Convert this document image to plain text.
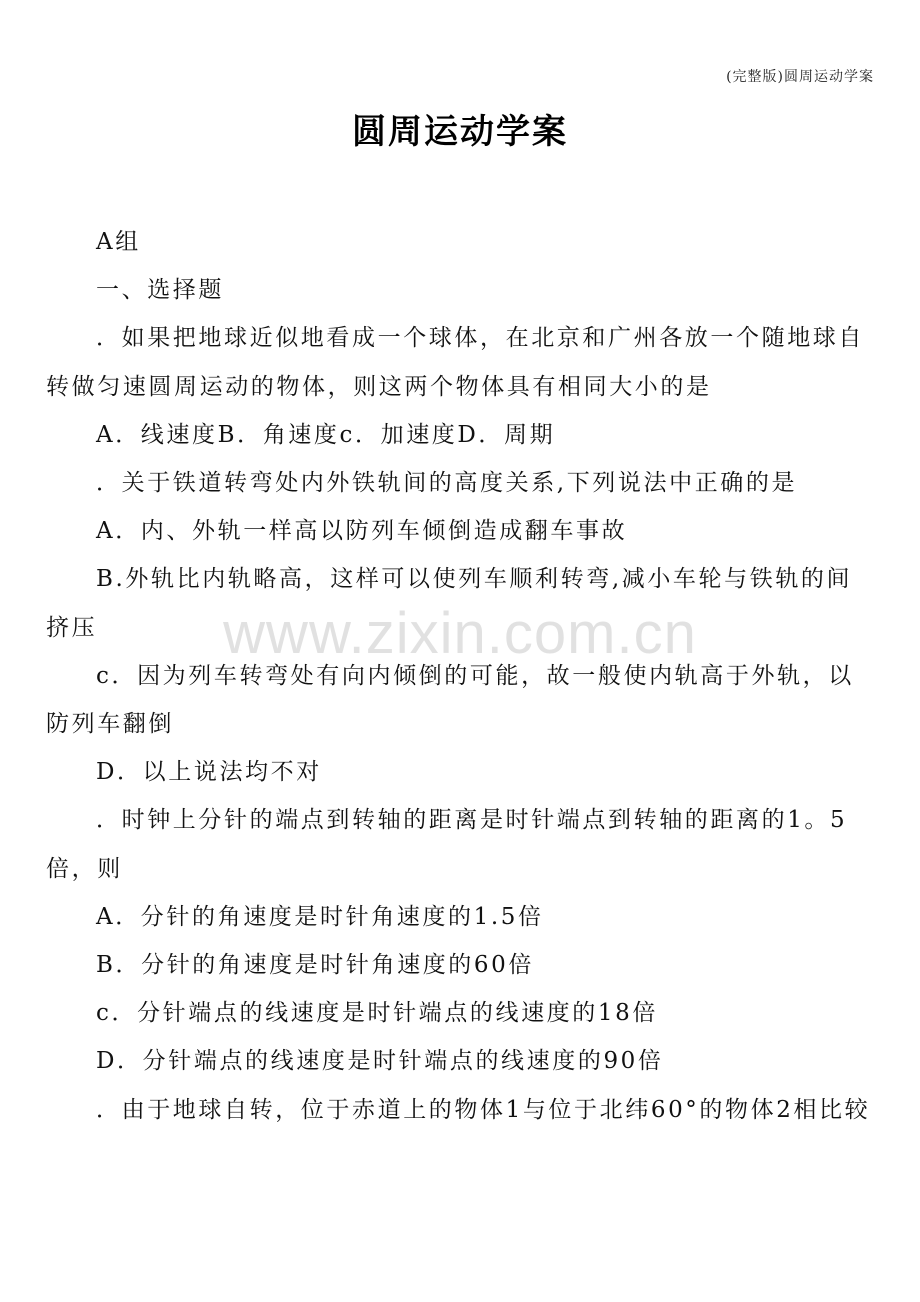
(完整版)圆周运动学案
圆周运动学案

A组

一、选择题

．如果把地球近似地看成一个球体，在北京和广州各放一个随地球自转做匀速圆周运动的物体，则这两个物体具有相同大小的是

A．线速度B．角速度c．加速度D．周期

．关于铁道转弯处内外铁轨间的高度关系,下列说法中正确的是

A．内、外轨一样高以防列车倾倒造成翻车事故

B.外轨比内轨略高，这样可以使列车顺利转弯,减小车轮与铁轨的间挤压

c．因为列车转弯处有向内倾倒的可能，故一般使内轨高于外轨，以防列车翻倒

D．以上说法均不对

．时钟上分针的端点到转轴的距离是时针端点到转轴的距离的1。5倍，则

A．分针的角速度是时针角速度的1.5倍

B．分针的角速度是时针角速度的60倍

c．分针端点的线速度是时针端点的线速度的18倍

D．分针端点的线速度是时针端点的线速度的90倍

．由于地球自转，位于赤道上的物体1与位于北纬60°的物体2相比较

www.zixin.com.cn
